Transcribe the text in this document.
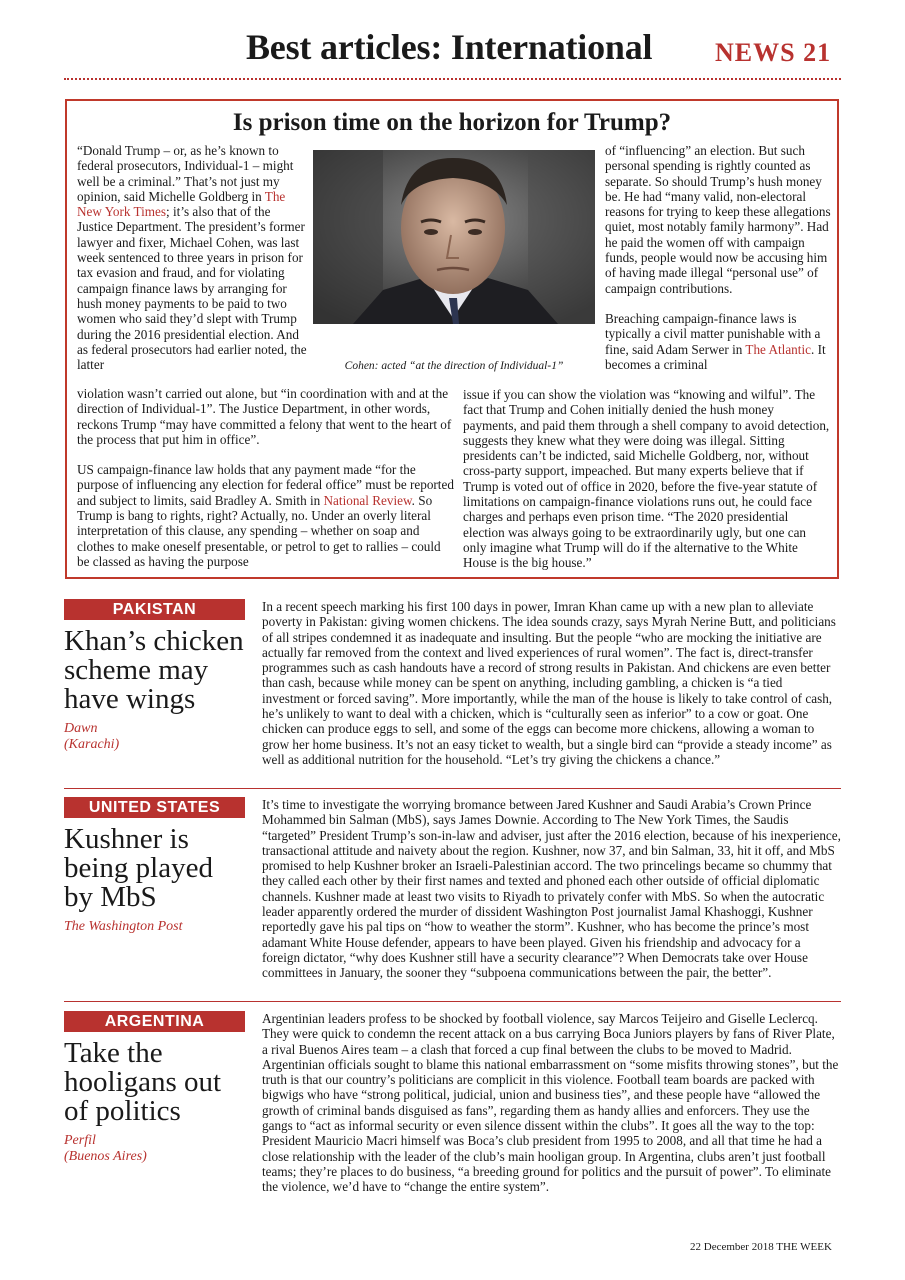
Best articles: International NEWS 21
Is prison time on the horizon for Trump?
Cohen: acted “at the direction of Individual-1”

“Donald Trump – or, as he’s known to federal prosecutors, Individual-1 – might well be a criminal.” That’s not just my opinion, said Michelle Goldberg in The New York Times; it’s also that of the Justice Department. The president’s former lawyer and fixer, Michael Cohen, was last week sentenced to three years in prison for tax evasion and fraud, and for violating campaign finance laws by arranging for hush money payments to be paid to two women who said they’d slept with Trump during the 2016 presidential election. And as federal prosecutors had earlier noted, the latter

violation wasn’t carried out alone, but “in coordination with and at the direction of Individual-1”. The Justice Department, in other words, reckons Trump “may have committed a felony that went to the heart of the process that put him in office”.

US campaign-finance law holds that any payment made “for the purpose of influencing any election for federal office” must be reported and subject to limits, said Bradley A. Smith in National Review. So Trump is bang to rights, right? Actually, no. Under an overly literal interpretation of this clause, any spending – whether on soap and clothes to make oneself presentable, or petrol to get to rallies – could be classed as having the purpose

of “influencing” an election. But such personal spending is rightly counted as separate. So should Trump’s hush money be. He had “many valid, non-electoral reasons for trying to keep these allegations quiet, most notably family harmony”. Had he paid the women off with campaign funds, people would now be accusing him of having made illegal “personal use” of campaign contributions.

Breaching campaign-finance laws is typically a civil matter punishable with a fine, said Adam Serwer in The Atlantic. It becomes a criminal

issue if you can show the violation was “knowing and wilful”. The fact that Trump and Cohen initially denied the hush money payments, and paid them through a shell company to avoid detection, suggests they knew what they were doing was illegal. Sitting presidents can’t be indicted, said Michelle Goldberg, nor, without cross-party support, impeached. But many experts believe that if Trump is voted out of office in 2020, before the five-year statute of limitations on campaign-finance violations runs out, he could face charges and perhaps even prison time. “The 2020 presidential election was always going to be extraordinarily ugly, but one can only imagine what Trump will do if the alternative to the White House is the big house.”

PAKISTAN
Khan’s chicken scheme may have wings
Dawn
(Karachi)
In a recent speech marking his first 100 days in power, Imran Khan came up with a new plan to alleviate poverty in Pakistan: giving women chickens. The idea sounds crazy, says Myrah Nerine Butt, and politicians of all stripes condemned it as inadequate and insulting. But the people “who are mocking the initiative are actually far removed from the context and lived experiences of rural women”. The fact is, direct-transfer programmes such as cash handouts have a record of strong results in Pakistan. And chickens are even better than cash, because while money can be spent on anything, including gambling, a chicken is “a tied investment or forced saving”. More importantly, while the man of the house is likely to take control of cash, he’s unlikely to want to deal with a chicken, which is “culturally seen as inferior” to a cow or goat. One chicken can produce eggs to sell, and some of the eggs can become more chickens, allowing a woman to grow her home business. It’s not an easy ticket to wealth, but a single bird can “provide a steady income” as well as additional nutrition for the household. “Let’s try giving the chickens a chance.”
UNITED STATES
Kushner is being played by MbS
The Washington Post
It’s time to investigate the worrying bromance between Jared Kushner and Saudi Arabia’s Crown Prince Mohammed bin Salman (MbS), says James Downie. According to The New York Times, the Saudis “targeted” President Trump’s son-in-law and adviser, just after the 2016 election, because of his inexperience, transactional attitude and naivety about the region. Kushner, now 37, and bin Salman, 33, hit it off, and MbS promised to help Kushner broker an Israeli-Palestinian accord. The two princelings became so chummy that they called each other by their first names and texted and phoned each other outside of official diplomatic channels. Kushner made at least two visits to Riyadh to privately confer with MbS. So when the autocratic leader apparently ordered the murder of dissident Washington Post journalist Jamal Khashoggi, Kushner reportedly gave his pal tips on “how to weather the storm”. Kushner, who has become the prince’s most adamant White House defender, appears to have been played. Given his friendship and advocacy for a foreign dictator, “why does Kushner still have a security clearance”? When Democrats take over House committees in January, the sooner they “subpoena communications between the pair, the better”.
ARGENTINA
Take the hooligans out of politics
Perfil
(Buenos Aires)
Argentinian leaders profess to be shocked by football violence, say Marcos Teijeiro and Giselle Leclercq. They were quick to condemn the recent attack on a bus carrying Boca Juniors players by fans of River Plate, a rival Buenos Aires team – a clash that forced a cup final between the clubs to be moved to Madrid. Argentinian officials sought to blame this national embarrassment on “some misfits throwing stones”, but the truth is that our country’s politicians are complicit in this violence. Football team boards are packed with bigwigs who have “strong political, judicial, union and business ties”, and these people have “allowed the growth of criminal bands disguised as fans”, regarding them as handy allies and enforcers. They use the gangs to “act as informal security or even silence dissent within the clubs”. It goes all the way to the top: President Mauricio Macri himself was Boca’s club president from 1995 to 2008, and all that time he had a close relationship with the leader of the club’s main hooligan group. In Argentina, clubs aren’t just football teams; they’re places to do business, “a breeding ground for politics and the pursuit of power”. To eliminate the violence, we’d have to “change the entire system”.
22 December 2018 THE WEEK
